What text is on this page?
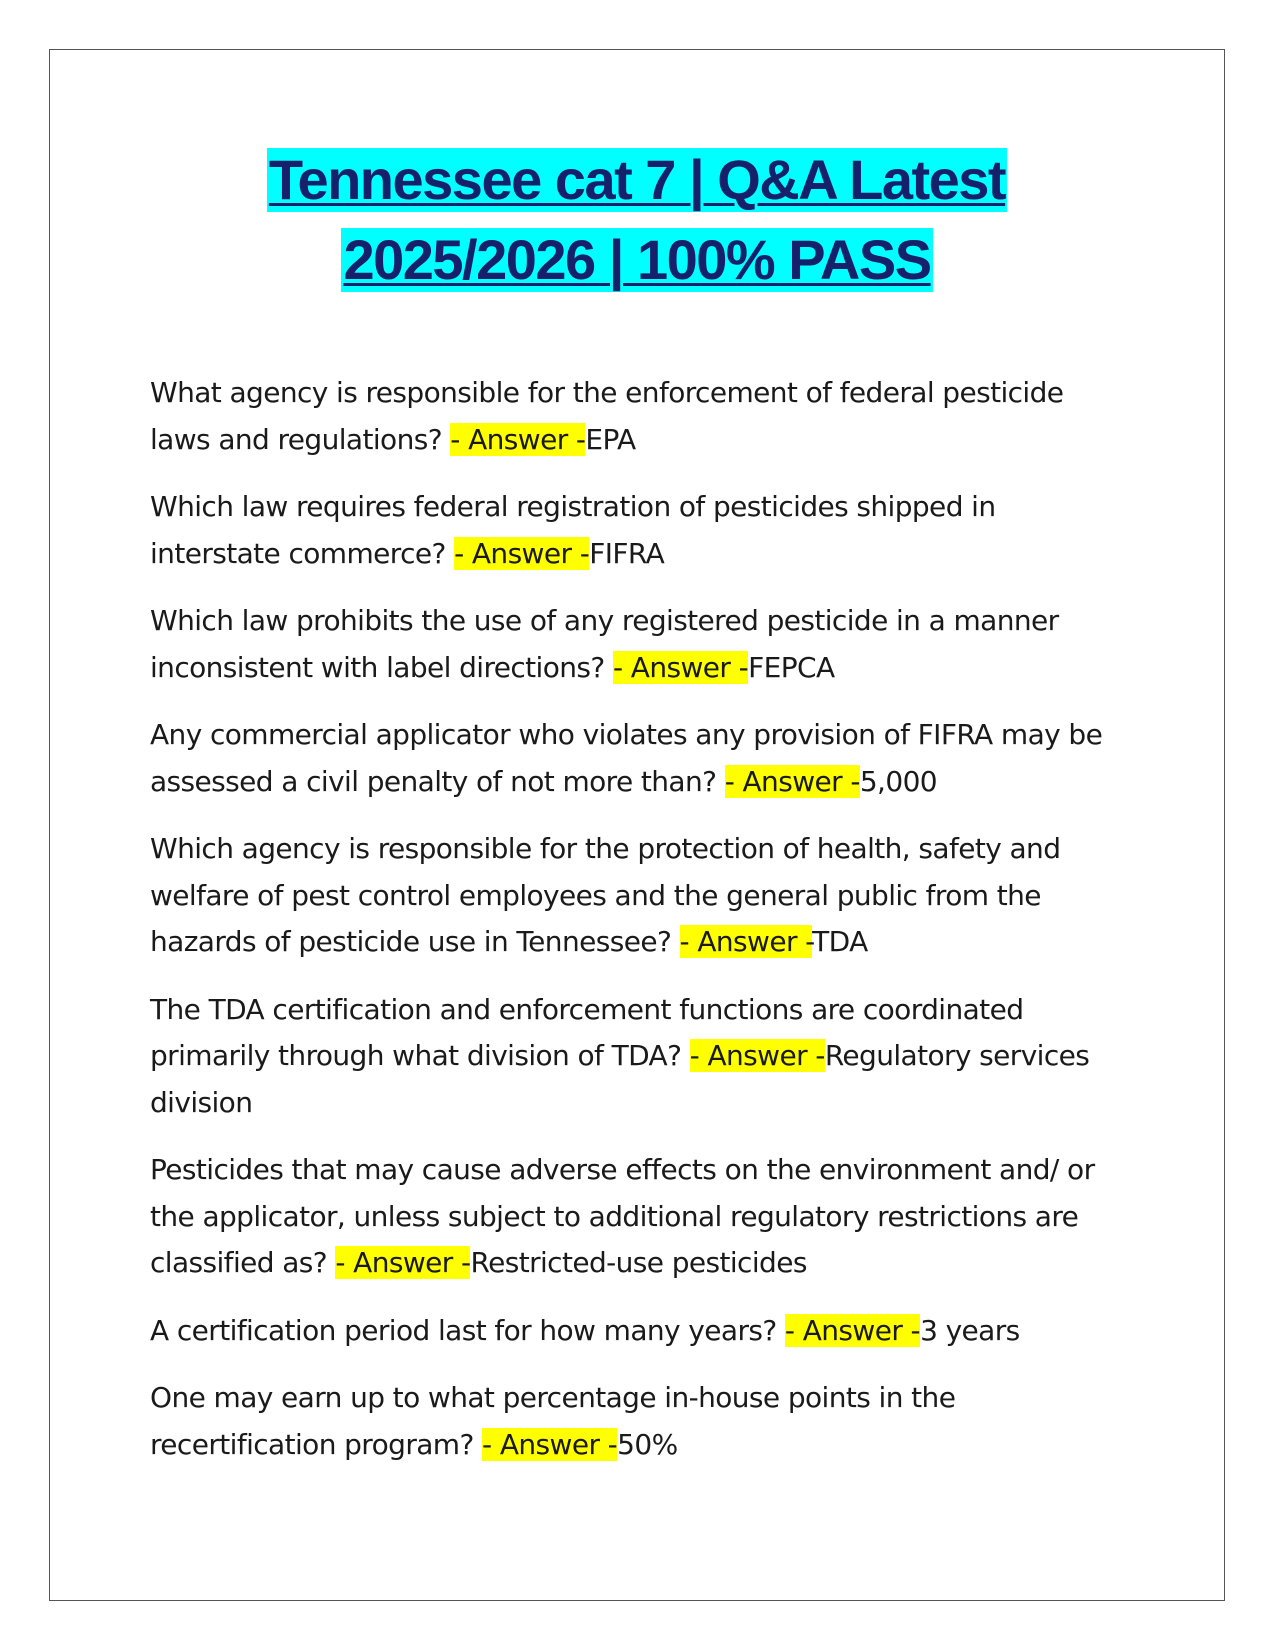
Tennessee cat 7 | Q&A Latest
2025/2026 | 100% PASS

What agency is responsible for the enforcement of federal pesticide laws and regulations? - Answer -EPA

Which law requires federal registration of pesticides shipped in interstate commerce? - Answer -FIFRA

Which law prohibits the use of any registered pesticide in a manner inconsistent with label directions? - Answer -FEPCA

Any commercial applicator who violates any provision of FIFRA may be assessed a civil penalty of not more than? - Answer -5,000

Which agency is responsible for the protection of health, safety and welfare of pest control employees and the general public from the hazards of pesticide use in Tennessee? - Answer -TDA

The TDA certification and enforcement functions are coordinated primarily through what division of TDA? - Answer -Regulatory services division

Pesticides that may cause adverse effects on the environment and/ or the applicator, unless subject to additional regulatory restrictions are classified as? - Answer -Restricted-use pesticides

A certification period last for how many years? - Answer -3 years

One may earn up to what percentage in-house points in the recertification program? - Answer -50%
